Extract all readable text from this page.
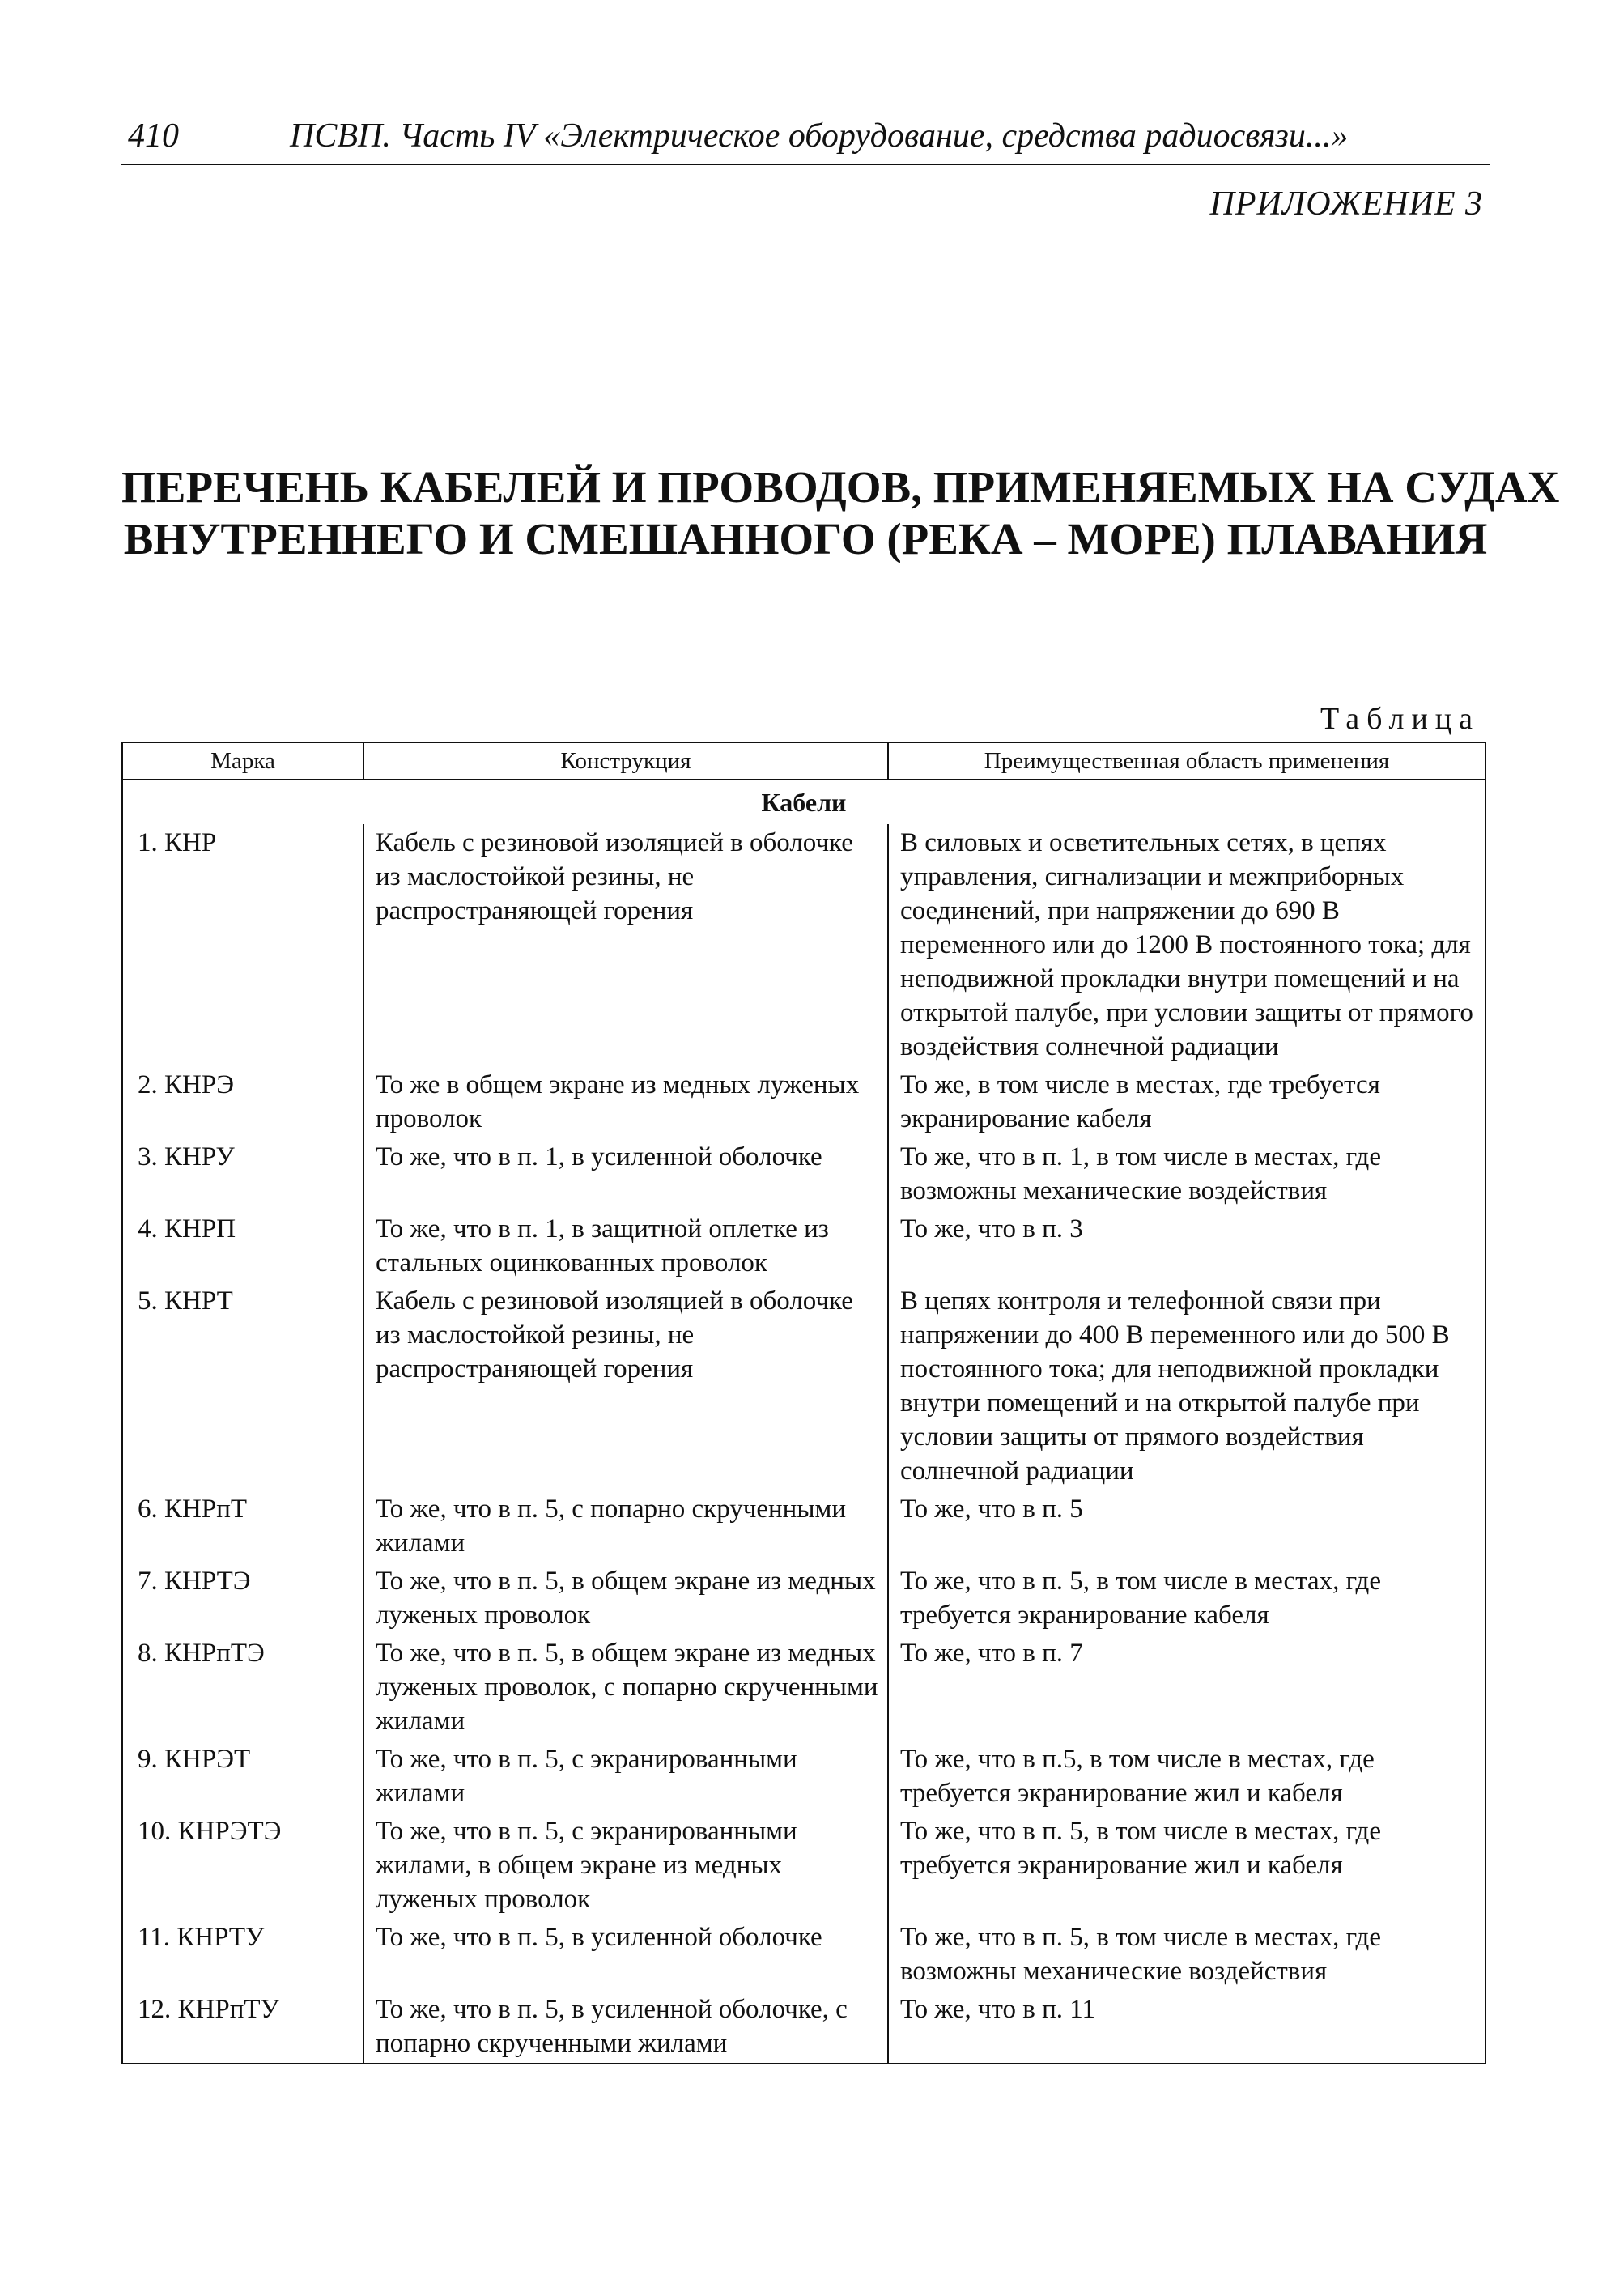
410	ПСВП. Часть IV «Электрическое оборудование, средства радиосвязи...»
ПРИЛОЖЕНИЕ 3
ПЕРЕЧЕНЬ КАБЕЛЕЙ И ПРОВОДОВ, ПРИМЕНЯЕМЫХ НА СУДАХ
ВНУТРЕННЕГО И СМЕШАННОГО (РЕКА – МОРЕ) ПЛАВАНИЯ
Таблица
Марка	Конструкция	Преимущественная область применения
Кабели		
1. КНР	Кабель с резиновой изоляцией в оболочке из маслостойкой резины, не распространяющей горения	В силовых и осветительных сетях, в цепях управления, сигнализации и межприборных соединений, при напряжении до 690 В переменного или до 1200 В постоянного тока; для неподвижной прокладки внутри помещений и на открытой палубе, при условии защиты от прямого воздействия солнечной радиации
2. КНРЭ	То же в общем экране из медных луженых проволок	То же, в том числе в местах, где требуется экранирование кабеля
3. КНРУ	То же, что в п. 1, в усиленной оболочке	То же, что в п. 1, в том числе в местах, где возможны механические воздействия
4. КНРП	То же, что в п. 1, в защитной оплетке из стальных оцинкованных проволок	То же, что в п. 3
5. КНРТ	Кабель с резиновой изоляцией в оболочке из маслостойкой резины, не распространяющей горения	В цепях контроля и телефонной связи при напряжении до 400 В переменного или до 500 В постоянного тока; для неподвижной прокладки внутри помещений и на открытой палубе при условии защиты от прямого воздействия солнечной радиации
6. КНРпТ	То же, что в п. 5, с попарно скрученными жилами	То же, что в п. 5
7. КНРТЭ	То же, что в п. 5, в общем экране из медных луженых проволок	То же, что в п. 5, в том числе в местах, где требуется экранирование кабеля
8. КНРпТЭ	То же, что в п. 5, в общем экране из медных луженых проволок, с попарно скрученными жилами	То же, что в п. 7
9. КНРЭТ	То же, что в п. 5, с экранированными жилами	То же, что в п.5, в том числе в местах, где требуется экранирование жил и кабеля
10. КНРЭТЭ	То же, что в п. 5, с экранированными жилами, в общем экране из медных луженых проволок	То же, что в п. 5, в том числе в местах, где требуется экранирование жил и кабеля
11. КНРТУ	То же, что в п. 5, в усиленной оболочке	То же, что в п. 5, в том числе в местах, где возможны механические воздействия
12. КНРпТУ	То же, что в п. 5, в усиленной оболочке, с попарно скрученными жилами	То же, что в п. 11
